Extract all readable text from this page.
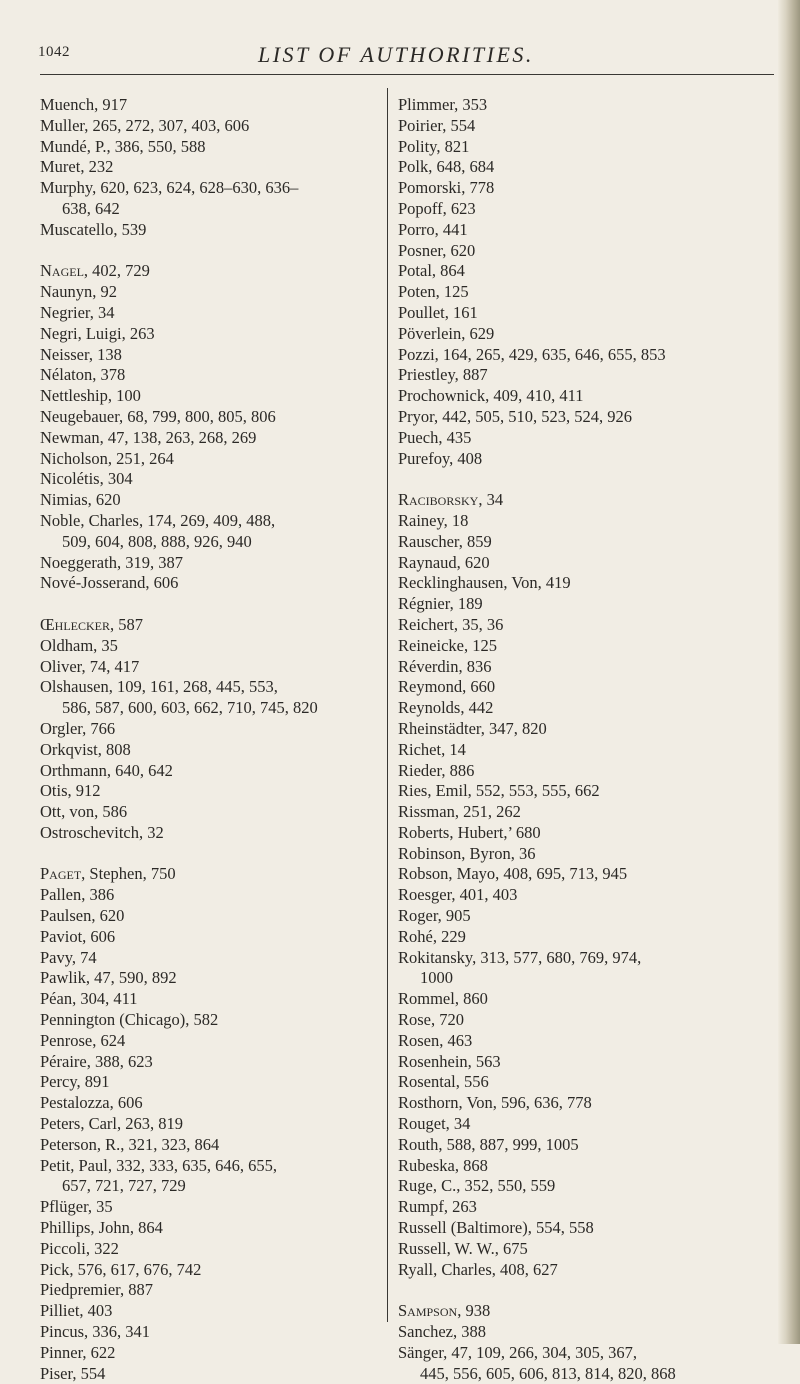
1042	LIST OF AUTHORITIES.
Muench, 917
Muller, 265, 272, 307, 403, 606
Mundé, P., 386, 550, 588
Muret, 232
Murphy, 620, 623, 624, 628–630, 636–
638, 642
Muscatello, 539
Nagel, 402, 729
Naunyn, 92
Negrier, 34
Negri, Luigi, 263
Neisser, 138
Nélaton, 378
Nettleship, 100
Neugebauer, 68, 799, 800, 805, 806
Newman, 47, 138, 263, 268, 269
Nicholson, 251, 264
Nicolétis, 304
Nimias, 620
Noble, Charles, 174, 269, 409, 488,
509, 604, 808, 888, 926, 940
Noeggerath, 319, 387
Nové-Josserand, 606
Œhlecker, 587
Oldham, 35
Oliver, 74, 417
Olshausen, 109, 161, 268, 445, 553,
586, 587, 600, 603, 662, 710, 745, 820
Orgler, 766
Orkqvist, 808
Orthmann, 640, 642
Otis, 912
Ott, von, 586
Ostroschevitch, 32
Paget, Stephen, 750
Pallen, 386
Paulsen, 620
Paviot, 606
Pavy, 74
Pawlik, 47, 590, 892
Péan, 304, 411
Pennington (Chicago), 582
Penrose, 624
Péraire, 388, 623
Percy, 891
Pestalozza, 606
Peters, Carl, 263, 819
Peterson, R., 321, 323, 864
Petit, Paul, 332, 333, 635, 646, 655,
657, 721, 727, 729
Pflüger, 35
Phillips, John, 864
Piccoli, 322
Pick, 576, 617, 676, 742
Piedpremier, 887
Pilliet, 403
Pincus, 336, 341
Pinner, 622
Piser, 554
Plimmer, 353
Poirier, 554
Polity, 821
Polk, 648, 684
Pomorski, 778
Popoff, 623
Porro, 441
Posner, 620
Potal, 864
Poten, 125
Poullet, 161
Pöverlein, 629
Pozzi, 164, 265, 429, 635, 646, 655, 853
Priestley, 887
Prochownick, 409, 410, 411
Pryor, 442, 505, 510, 523, 524, 926
Puech, 435
Purefoy, 408
Raciborsky, 34
Rainey, 18
Rauscher, 859
Raynaud, 620
Recklinghausen, Von, 419
Régnier, 189
Reichert, 35, 36
Reineicke, 125
Réverdin, 836
Reymond, 660
Reynolds, 442
Rheinstädter, 347, 820
Richet, 14
Rieder, 886
Ries, Emil, 552, 553, 555, 662
Rissman, 251, 262
Roberts, Hubert,’ 680
Robinson, Byron, 36
Robson, Mayo, 408, 695, 713, 945
Roesger, 401, 403
Roger, 905
Rohé, 229
Rokitansky, 313, 577, 680, 769, 974,
1000
Rommel, 860
Rose, 720
Rosen, 463
Rosenhein, 563
Rosental, 556
Rosthorn, Von, 596, 636, 778
Rouget, 34
Routh, 588, 887, 999, 1005
Rubeska, 868
Ruge, C., 352, 550, 559
Rumpf, 263
Russell (Baltimore), 554, 558
Russell, W. W., 675
Ryall, Charles, 408, 627
Sampson, 938
Sanchez, 388
Sänger, 47, 109, 266, 304, 305, 367,
445, 556, 605, 606, 813, 814, 820, 868
